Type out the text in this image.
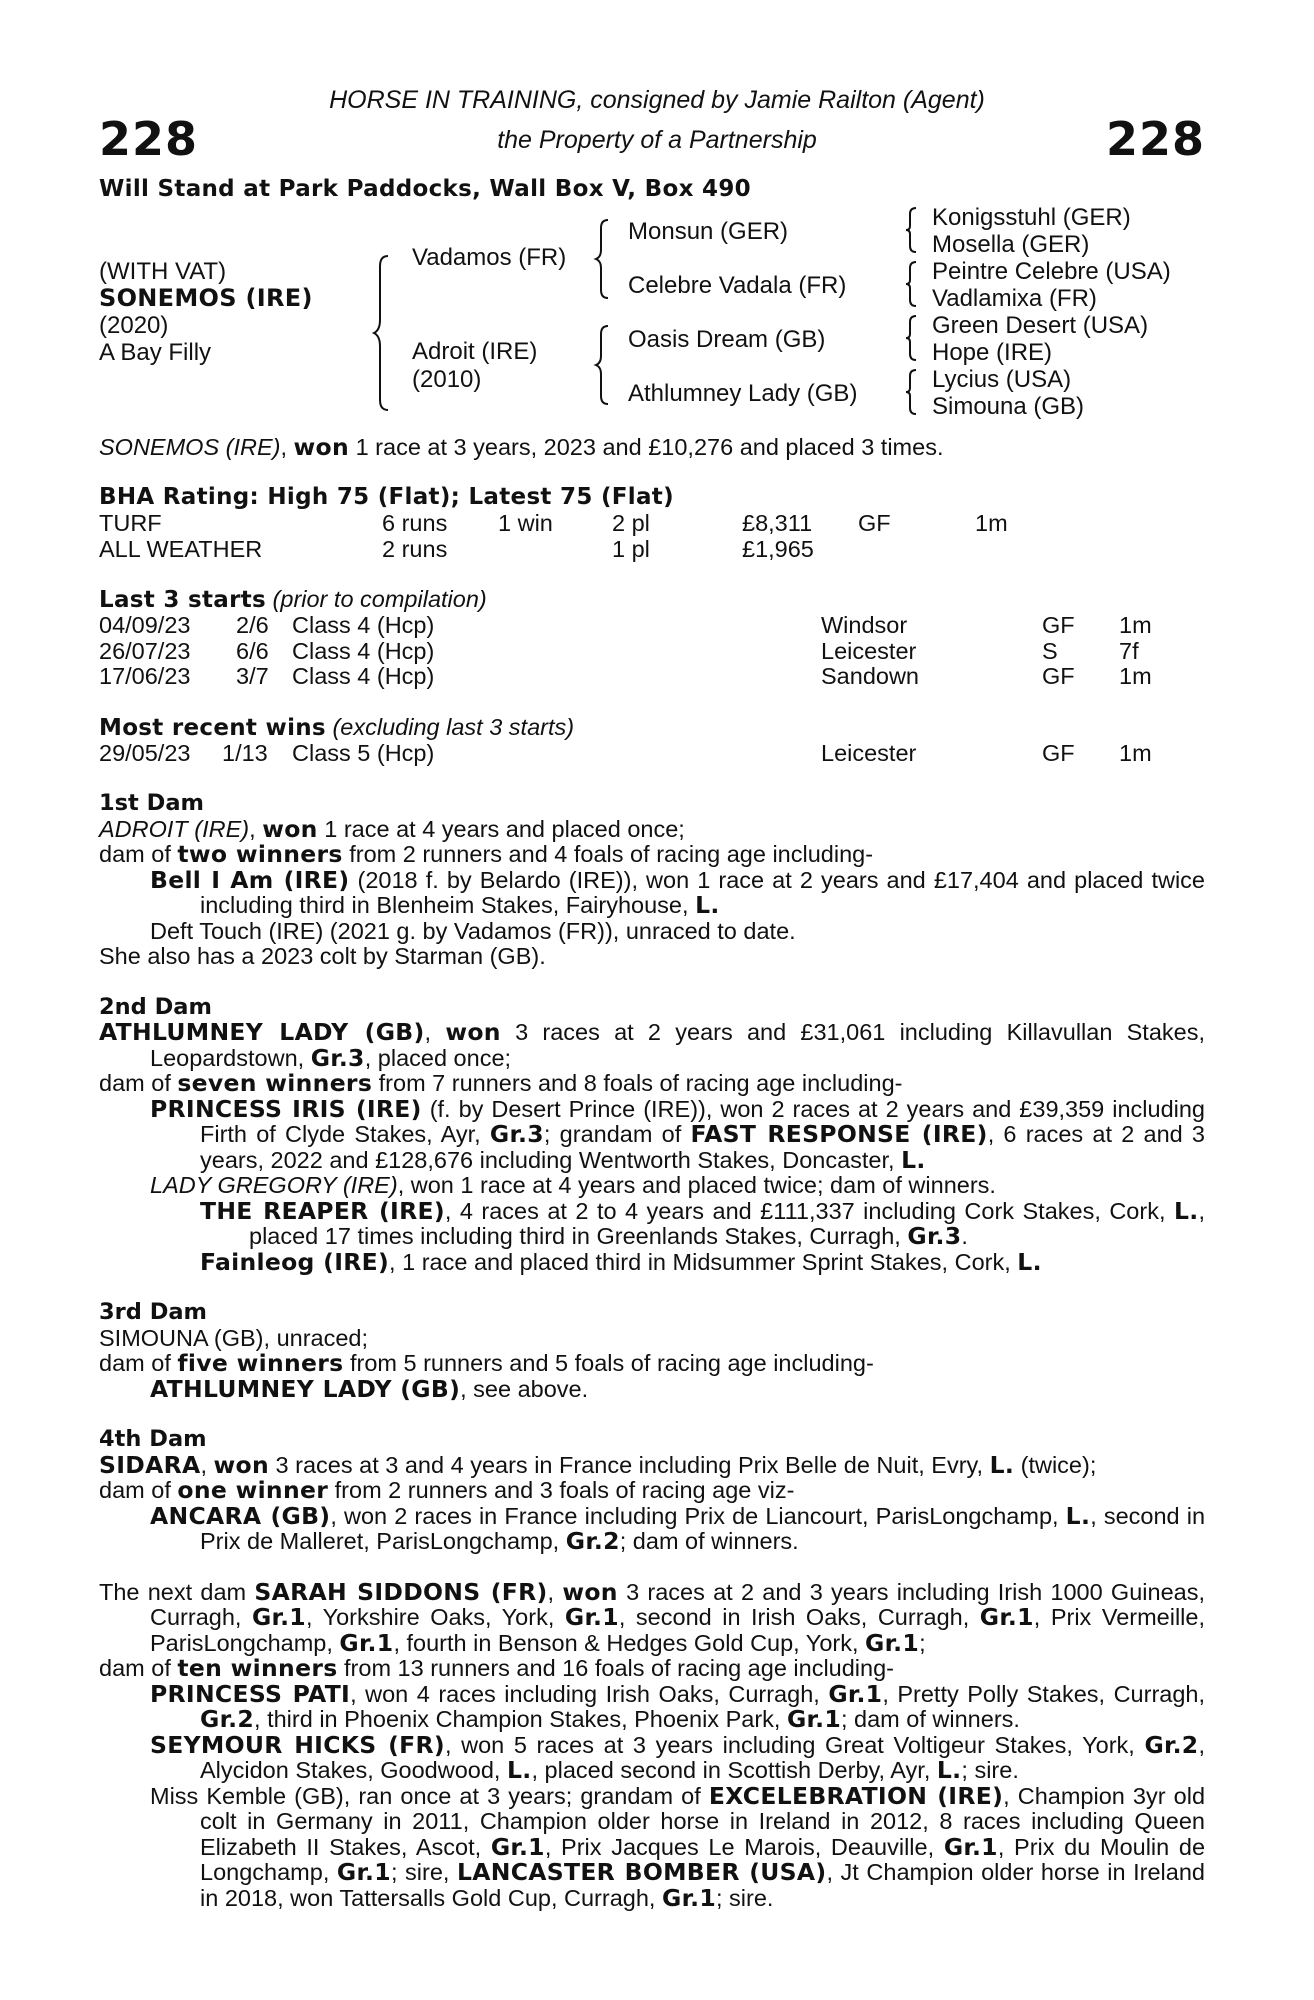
228	228
HORSE IN TRAINING, consigned by Jamie Railton (Agent)
the Property of a Partnership
Will Stand at Park Paddocks, Wall Box V, Box 490
(WITH VAT)
SONEMOS (IRE)
(2020)
A Bay Filly
Vadamos (FR)
Adroit (IRE)
(2010)
Monsun (GER)
Celebre Vadala (FR)
Oasis Dream (GB)
Athlumney Lady (GB)
Konigsstuhl (GER)
Mosella (GER)
Peintre Celebre (USA)
Vadlamixa (FR)
Green Desert (USA)
Hope (IRE)
Lycius (USA)
Simouna (GB)
SONEMOS (IRE), won 1 race at 3 years, 2023 and £10,276 and placed 3 times.
BHA Rating: High 75 (Flat); Latest 75 (Flat)
TURF	6 runs 1 win	2 pl	£8,311 GF	1m
ALL WEATHER	2 runs	1 pl	£1,965
Last 3 starts (prior to compilation)
04/09/23 2/6 Class 4 (Hcp)	Windsor	GF 1m
26/07/23 6/6 Class 4 (Hcp)	Leicester	S	7f
17/06/23 3/7 Class 4 (Hcp)	Sandown	GF 1m
Most recent wins (excluding last 3 starts)
29/05/23 1/13 Class 5 (Hcp)	Leicester	GF 1m

1st Dam

ADROIT (IRE), won 1 race at 4 years and placed once;

dam of two winners from 2 runners and 4 foals of racing age including-

Bell I Am (IRE) (2018 f. by Belardo (IRE)), won 1 race at 2 years and £17,404 and placed twice including third in Blenheim Stakes, Fairyhouse, L.

Deft Touch (IRE) (2021 g. by Vadamos (FR)), unraced to date.

She also has a 2023 colt by Starman (GB).

2nd Dam

ATHLUMNEY LADY (GB), won 3 races at 2 years and £31,061 including Killavullan Stakes, Leopardstown, Gr.3, placed once;

dam of seven winners from 7 runners and 8 foals of racing age including-

PRINCESS IRIS (IRE) (f. by Desert Prince (IRE)), won 2 races at 2 years and £39,359 including Firth of Clyde Stakes, Ayr, Gr.3; grandam of FAST RESPONSE (IRE), 6 races at 2 and 3 years, 2022 and £128,676 including Wentworth Stakes, Doncaster, L.

LADY GREGORY (IRE), won 1 race at 4 years and placed twice; dam of winners.

THE REAPER (IRE), 4 races at 2 to 4 years and £111,337 including Cork Stakes, Cork, L., placed 17 times including third in Greenlands Stakes, Curragh, Gr.3.

Fainleog (IRE), 1 race and placed third in Midsummer Sprint Stakes, Cork, L.

3rd Dam

SIMOUNA (GB), unraced;

dam of five winners from 5 runners and 5 foals of racing age including-

ATHLUMNEY LADY (GB), see above.

4th Dam

SIDARA, won 3 races at 3 and 4 years in France including Prix Belle de Nuit, Evry, L. (twice);

dam of one winner from 2 runners and 3 foals of racing age viz-

ANCARA (GB), won 2 races in France including Prix de Liancourt, ParisLongchamp, L., second in Prix de Malleret, ParisLongchamp, Gr.2; dam of winners.

The next dam SARAH SIDDONS (FR), won 3 races at 2 and 3 years including Irish 1000 Guineas, Curragh, Gr.1, Yorkshire Oaks, York, Gr.1, second in Irish Oaks, Curragh, Gr.1, Prix Vermeille, ParisLongchamp, Gr.1, fourth in Benson & Hedges Gold Cup, York, Gr.1;

dam of ten winners from 13 runners and 16 foals of racing age including-

PRINCESS PATI, won 4 races including Irish Oaks, Curragh, Gr.1, Pretty Polly Stakes, Curragh, Gr.2, third in Phoenix Champion Stakes, Phoenix Park, Gr.1; dam of winners.

SEYMOUR HICKS (FR), won 5 races at 3 years including Great Voltigeur Stakes, York, Gr.2, Alycidon Stakes, Goodwood, L., placed second in Scottish Derby, Ayr, L.; sire.

Miss Kemble (GB), ran once at 3 years; grandam of EXCELEBRATION (IRE), Champion 3yr old colt in Germany in 2011, Champion older horse in Ireland in 2012, 8 races including Queen Elizabeth II Stakes, Ascot, Gr.1, Prix Jacques Le Marois, Deauville, Gr.1, Prix du Moulin de Longchamp, Gr.1; sire, LANCASTER BOMBER (USA), Jt Champion older horse in Ireland in 2018, won Tattersalls Gold Cup, Curragh, Gr.1; sire.
